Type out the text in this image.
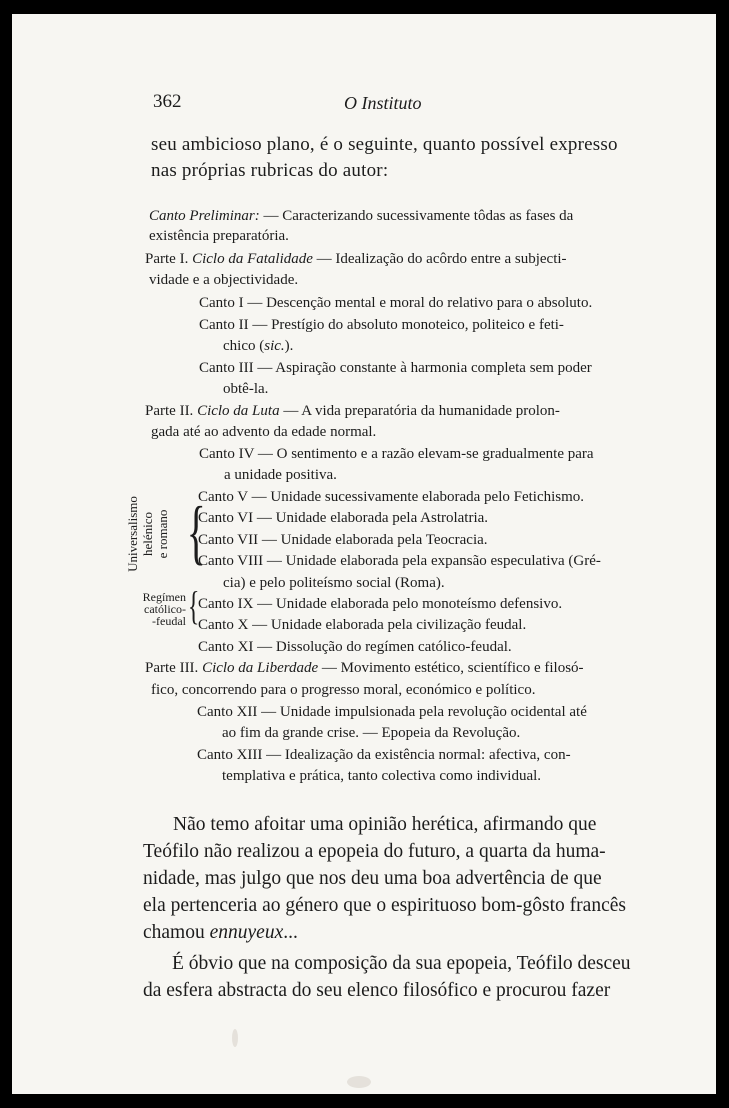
362	O Instituto
seu ambicioso plano, é o seguinte, quanto possível expresso
nas próprias rubricas do autor:
Canto Preliminar: — Caracterizando sucessivamente tôdas as fases da
existência preparatória.
Parte I. Ciclo da Fatalidade — Idealização do acôrdo entre a subjecti-
vidade e a objectividade.
Canto I — Descenção mental e moral do relativo para o absoluto.
Canto II — Prestígio do absoluto monoteico, politeico e feti-
chico (sic.).
Canto III — Aspiração constante à harmonia completa sem poder
obtê-la.
Parte II. Ciclo da Luta — A vida preparatória da humanidade prolon-
gada até ao advento da edade normal.
Canto IV — O sentimento e a razão elevam-se gradualmente para
a unidade positiva.
Canto V — Unidade sucessivamente elaborada pelo Fetichismo.
Universalismo helénico e romano {
Canto VI — Unidade elaborada pela Astrolatria.
Canto VII — Unidade elaborada pela Teocracia.
Canto VIII — Unidade elaborada pela expansão especulativa (Gré-
cia) e pelo politeísmo social (Roma).
Regímen
católico-
-feudal {
Canto IX — Unidade elaborada pelo monoteísmo defensivo.
Canto X — Unidade elaborada pela civilização feudal.
Canto XI — Dissolução do regímen católico-feudal.
Parte III. Ciclo da Liberdade — Movimento estético, scientífico e filosó-
fico, concorrendo para o progresso moral, económico e político.
Canto XII — Unidade impulsionada pela revolução ocidental até
ao fim da grande crise. — Epopeia da Revolução.
Canto XIII — Idealização da existência normal: afectiva, con-
templativa e prática, tanto colectiva como individual.
Não temo afoitar uma opinião herética, afirmando que
Teófilo não realizou a epopeia do futuro, a quarta da huma-
nidade, mas julgo que nos deu uma boa advertência de que
ela pertenceria ao género que o espirituoso bom-gôsto francês
chamou ennuyeux...
É óbvio que na composição da sua epopeia, Teófilo desceu
da esfera abstracta do seu elenco filosófico e procurou fazer
